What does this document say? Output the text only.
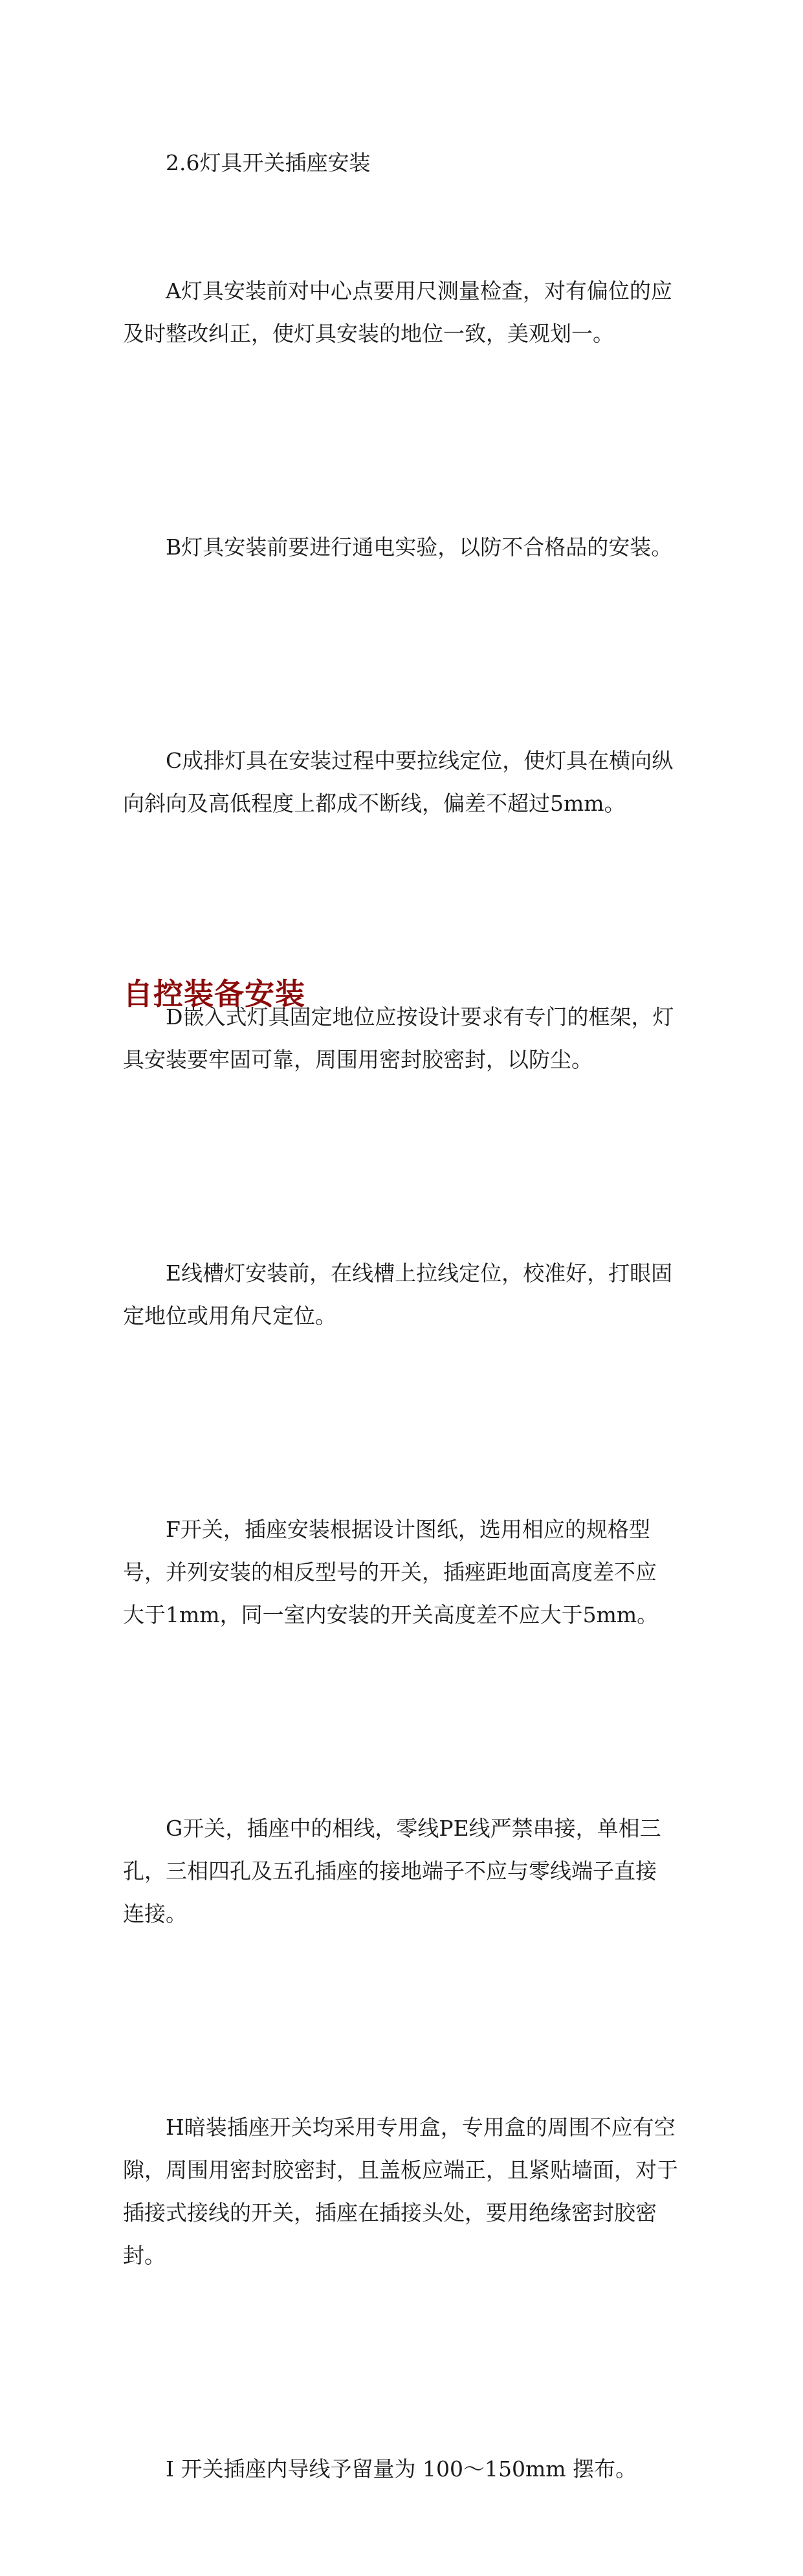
2.6灯具开关插座安装

A灯具安装前对中心点要用尺测量检查，对有偏位的应
及时整改纠正，使灯具安装的地位一致，美观划一。

B灯具安装前要进行通电实验，以防不合格品的安装。

C成排灯具在安装过程中要拉线定位，使灯具在横向纵
向斜向及高低程度上都成不断线，偏差不超过5mm。

D嵌入式灯具固定地位应按设计要求有专门的框架，灯
具安装要牢固可靠，周围用密封胶密封，以防尘。

E线槽灯安装前，在线槽上拉线定位，校准好，打眼固
定地位或用角尺定位。

F开关，插座安装根据设计图纸，选用相应的规格型
号，并列安装的相反型号的开关，插痤距地面高度差不应
大于1mm，同一室内安装的开关高度差不应大于5mm。

G开关，插座中的相线，零线PE线严禁串接，单相三
孔，三相四孔及五孔插座的接地端子不应与零线端子直接
连接。

H暗装插座开关均采用专用盒，专用盒的周围不应有空
隙，周围用密封胶密封，且盖板应端正，且紧贴墙面，对于
插接式接线的开关，插座在插接头处，要用绝缘密封胶密封。

I 开关插座内导线予留量为 100～150mm 摆布。

自控装备安装
